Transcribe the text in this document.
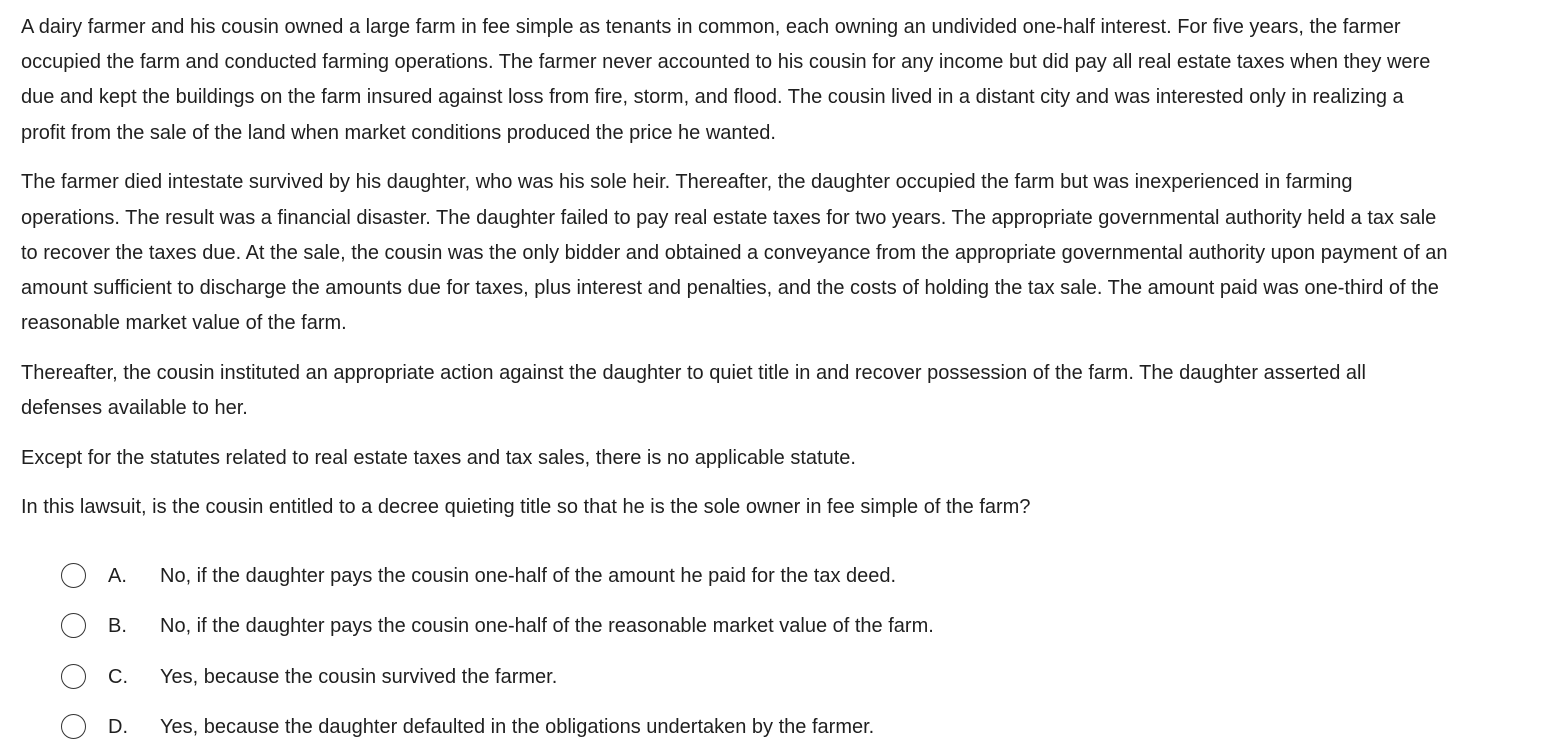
A dairy farmer and his cousin owned a large farm in fee simple as tenants in common, each owning an undivided one-half interest. For five years, the farmer occupied the farm and conducted farming operations. The farmer never accounted to his cousin for any income but did pay all real estate taxes when they were due and kept the buildings on the farm insured against loss from fire, storm, and flood. The cousin lived in a distant city and was interested only in realizing a profit from the sale of the land when market conditions produced the price he wanted.

The farmer died intestate survived by his daughter, who was his sole heir. Thereafter, the daughter occupied the farm but was inexperienced in farming operations. The result was a financial disaster. The daughter failed to pay real estate taxes for two years. The appropriate governmental authority held a tax sale to recover the taxes due. At the sale, the cousin was the only bidder and obtained a conveyance from the appropriate governmental authority upon payment of an amount sufficient to discharge the amounts due for taxes, plus interest and penalties, and the costs of holding the tax sale. The amount paid was one-third of the reasonable market value of the farm.

Thereafter, the cousin instituted an appropriate action against the daughter to quiet title in and recover possession of the farm. The daughter asserted all defenses available to her.

Except for the statutes related to real estate taxes and tax sales, there is no applicable statute.

In this lawsuit, is the cousin entitled to a decree quieting title so that he is the sole owner in fee simple of the farm?

A. No, if the daughter pays the cousin one-half of the amount he paid for the tax deed.
B. No, if the daughter pays the cousin one-half of the reasonable market value of the farm.
C. Yes, because the cousin survived the farmer.
D. Yes, because the daughter defaulted in the obligations undertaken by the farmer.
